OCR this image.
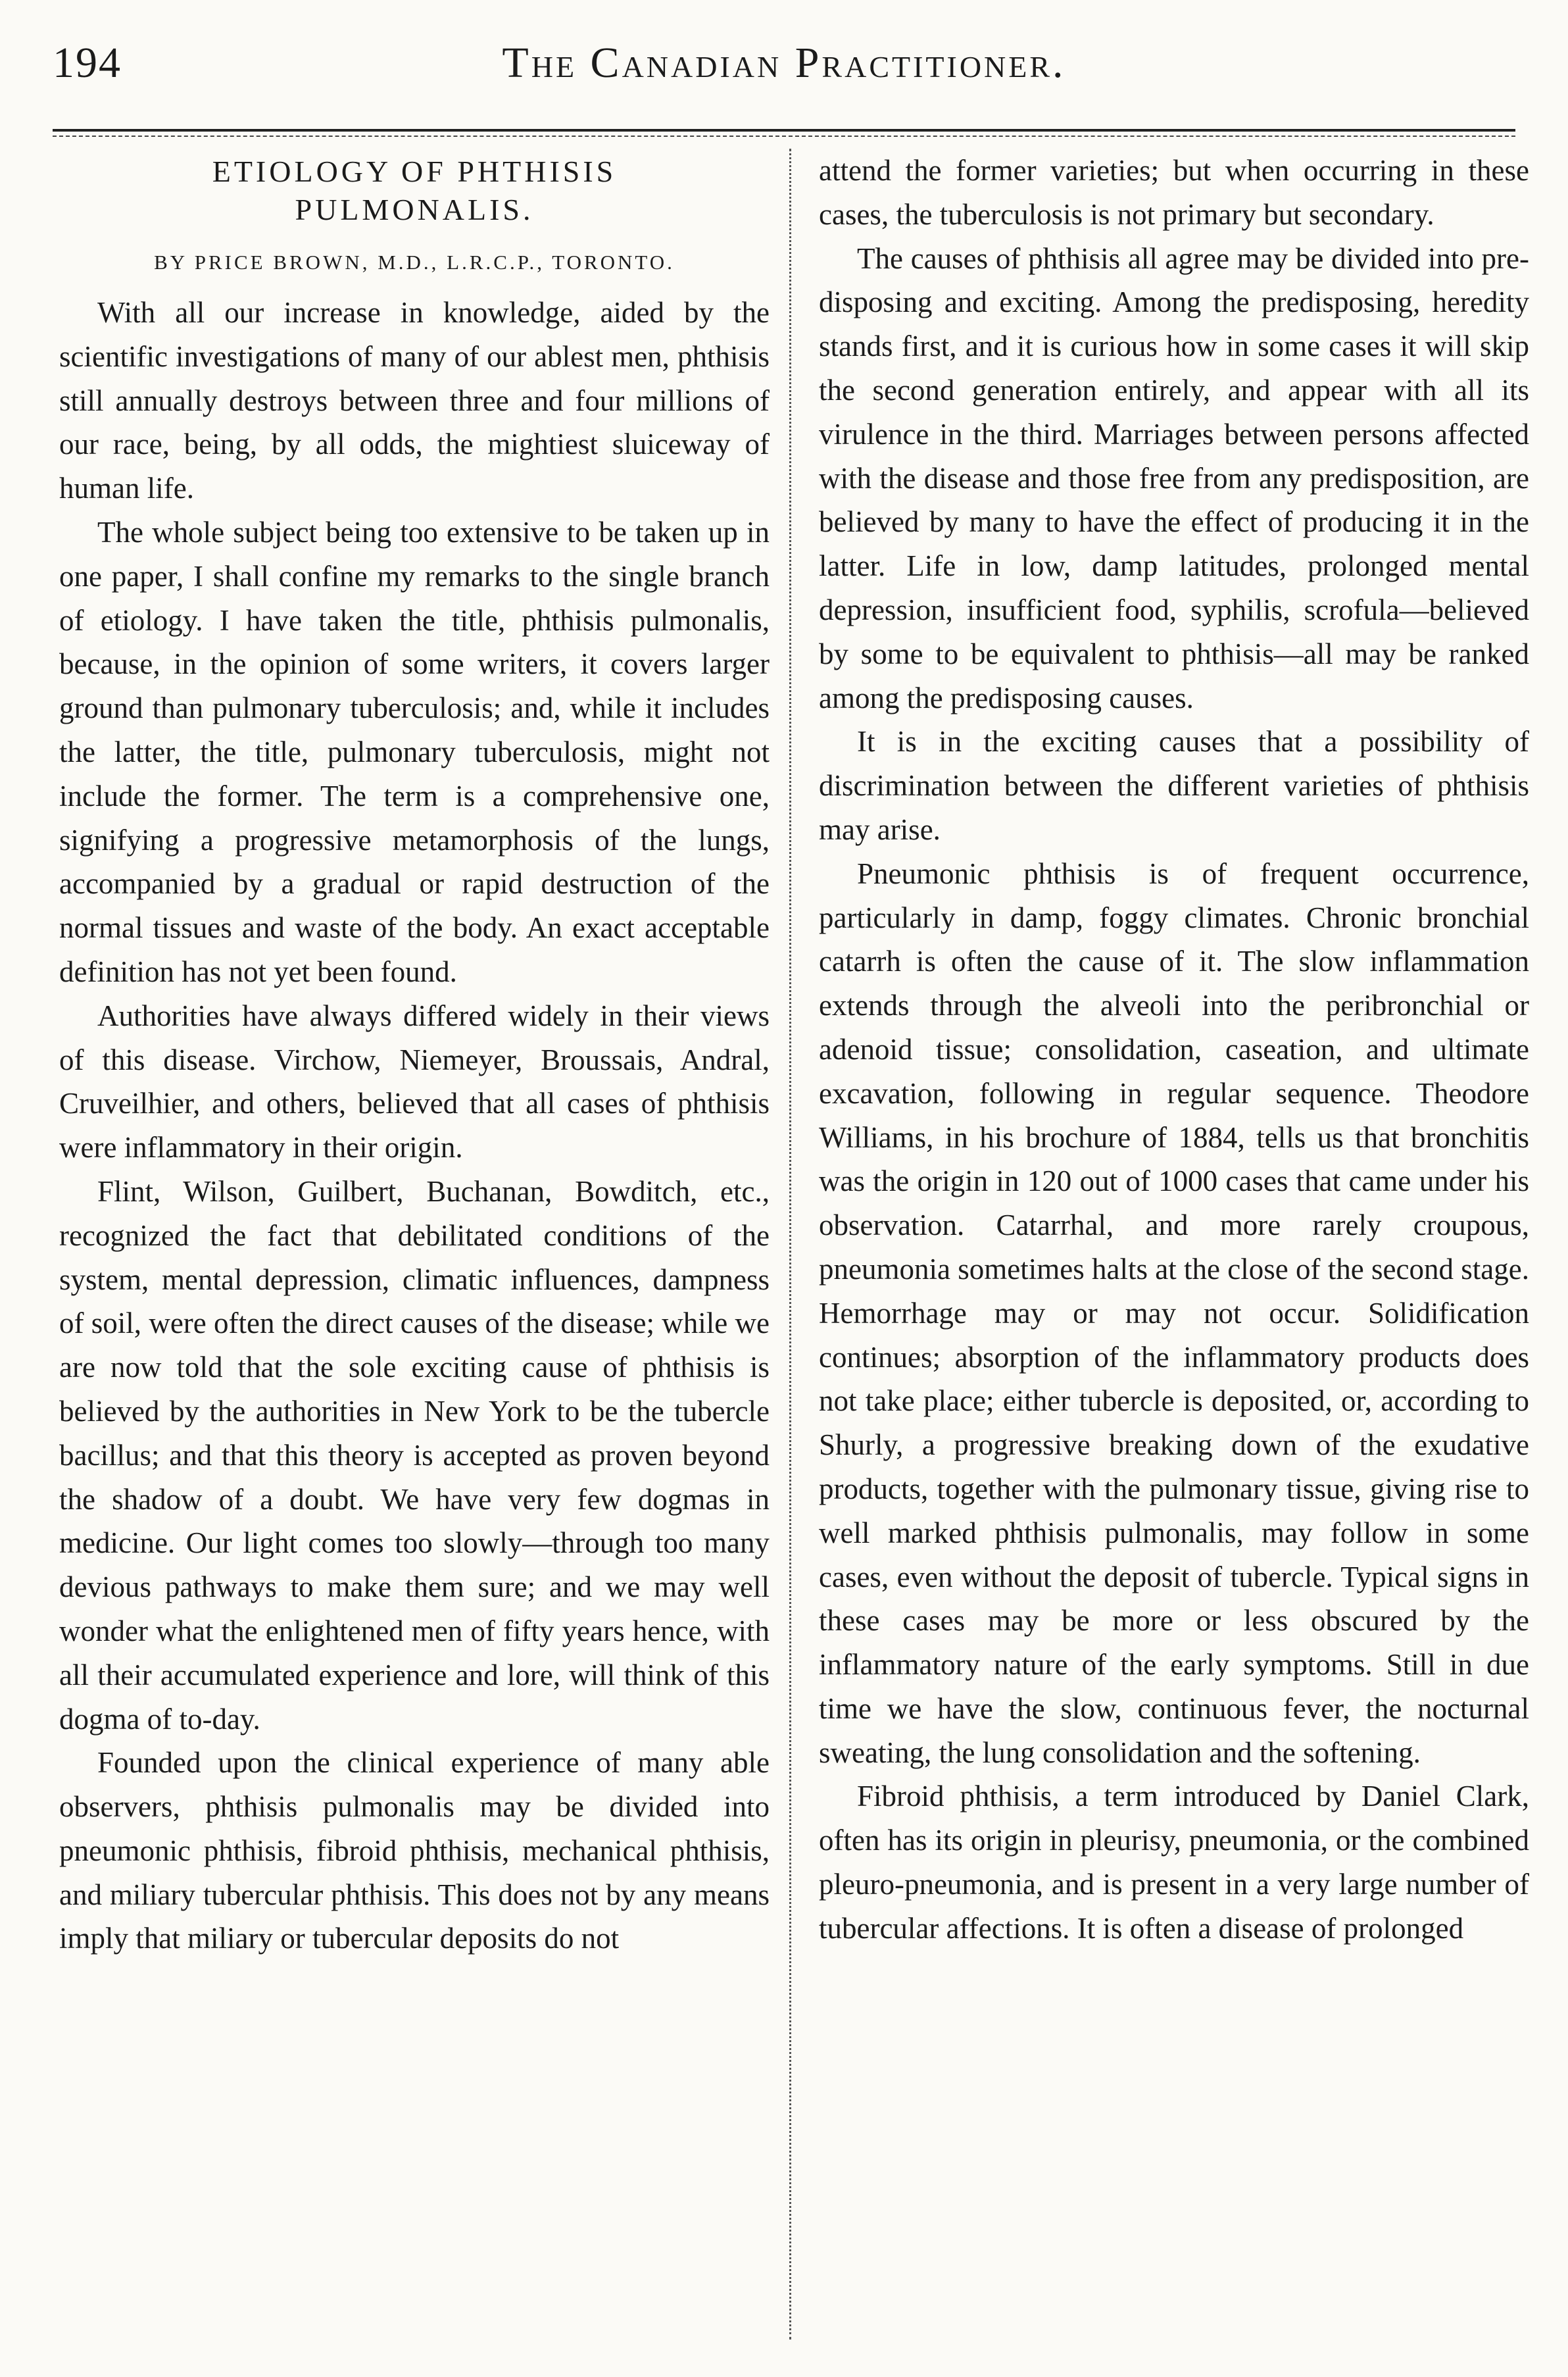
194	The Canadian Practitioner.
ETIOLOGY OF PHTHISIS
PULMONALIS.
BY PRICE BROWN, M.D., L.R.C.P., TORONTO.

With all our increase in knowledge, aided by the scientific investigations of many of our ablest men, phthisis still annually destroys between three and four millions of our race, being, by all odds, the mightiest sluiceway of human life.

The whole subject being too extensive to be taken up in one paper, I shall confine my remarks to the single branch of etiology. I have taken the title, phthisis pulmonalis, because, in the opinion of some writers, it covers larger ground than pulmonary tuberculosis; and, while it includes the latter, the title, pulmonary tuberculosis, might not include the former. The term is a comprehensive one, signifying a progressive metamorphosis of the lungs, accompanied by a gradual or rapid destruction of the normal tissues and waste of the body. An exact acceptable definition has not yet been found.

Authorities have always differed widely in their views of this disease. Virchow, Niemeyer, Broussais, Andral, Cruveilhier, and others, believed that all cases of phthisis were inflammatory in their origin.

Flint, Wilson, Guilbert, Buchanan, Bowditch, etc., recognized the fact that debilitated conditions of the system, mental depression, climatic influences, dampness of soil, were often the direct causes of the disease; while we are now told that the sole exciting cause of phthisis is believed by the authorities in New York to be the tubercle bacillus; and that this theory is accepted as proven beyond the shadow of a doubt. We have very few dogmas in medicine. Our light comes too slowly—through too many devious pathways to make them sure; and we may well wonder what the enlightened men of fifty years hence, with all their accumulated experience and lore, will think of this dogma of to-day.

Founded upon the clinical experience of many able observers, phthisis pulmonalis may be divided into pneumonic phthisis, fibroid phthisis, mechanical phthisis, and miliary tubercular phthisis. This does not by any means imply that miliary or tubercular deposits do not

attend the former varieties; but when occurring in these cases, the tuberculosis is not primary but secondary.

The causes of phthisis all agree may be divided into pre-disposing and exciting. Among the predisposing, heredity stands first, and it is curious how in some cases it will skip the second generation entirely, and appear with all its virulence in the third. Marriages between persons affected with the disease and those free from any predisposition, are believed by many to have the effect of producing it in the latter. Life in low, damp latitudes, prolonged mental depression, insufficient food, syphilis, scrofula—believed by some to be equivalent to phthisis—all may be ranked among the predisposing causes.

It is in the exciting causes that a possibility of discrimination between the different varieties of phthisis may arise.

Pneumonic phthisis is of frequent occurrence, particularly in damp, foggy climates. Chronic bronchial catarrh is often the cause of it. The slow inflammation extends through the alveoli into the peribronchial or adenoid tissue; consolidation, caseation, and ultimate excavation, following in regular sequence. Theodore Williams, in his brochure of 1884, tells us that bronchitis was the origin in 120 out of 1000 cases that came under his observation. Catarrhal, and more rarely croupous, pneumonia sometimes halts at the close of the second stage. Hemorrhage may or may not occur. Solidification continues; absorption of the inflammatory products does not take place; either tubercle is deposited, or, according to Shurly, a progressive breaking down of the exudative products, together with the pulmonary tissue, giving rise to well marked phthisis pulmonalis, may follow in some cases, even without the deposit of tubercle. Typical signs in these cases may be more or less obscured by the inflammatory nature of the early symptoms. Still in due time we have the slow, continuous fever, the nocturnal sweating, the lung consolidation and the softening.

Fibroid phthisis, a term introduced by Daniel Clark, often has its origin in pleurisy, pneumonia, or the combined pleuro-pneumonia, and is present in a very large number of tubercular affections. It is often a disease of prolonged
